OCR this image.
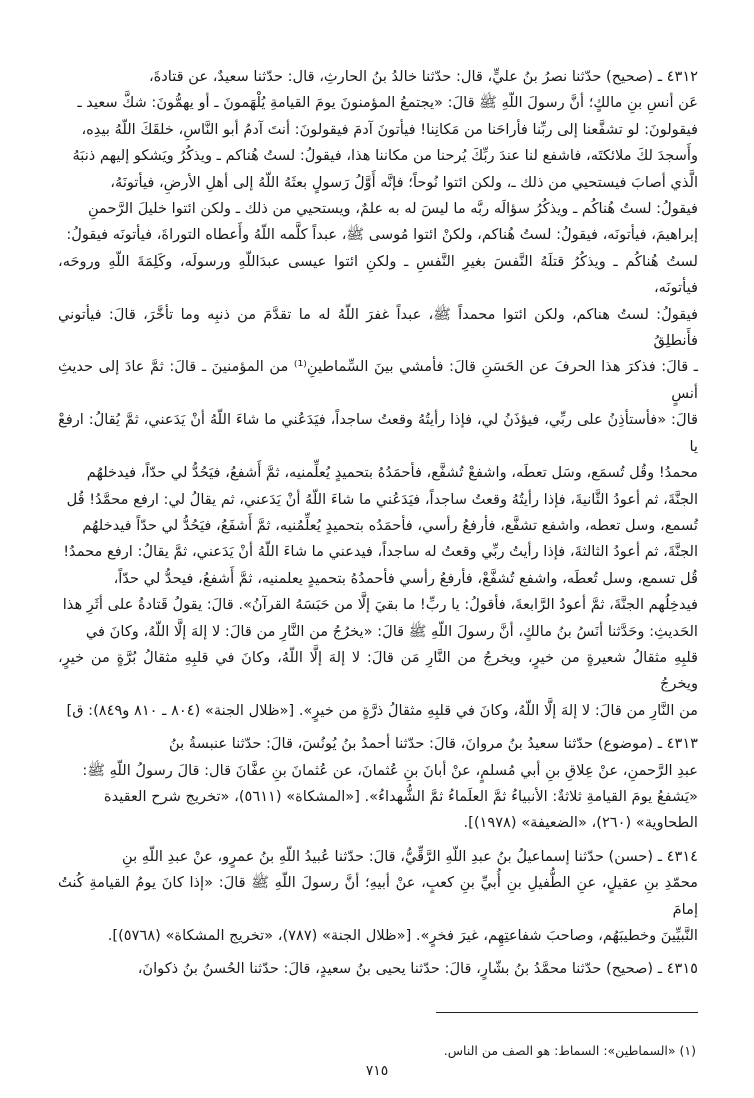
٤٣١٢ ـ (صحيح) حدّثنا نصرُ بنُ عليٍّ، قال: حدّثنا خالدُ بنُ الحارثِ، قال: حدّثنا سعيدٌ، عن قتادةَ،

عَن أنسِ بنِ مالكٍ؛ أنَّ رسولَ اللّهِ ﷺ قالَ: «يجتمعُ المؤمنونَ يومَ القيامةِ يُلْهَمونَ ـ أو يهمُّونَ: شكَّ سعيد ـ

فيقولونَ: لو تشفَّعنا إلى ربِّنا فأراحَنا من مَكانِنا! فيأتونَ آدمَ فيقولونَ: أنتَ آدمُ أبو النَّاسِ، خلقَكَ اللّهُ بيدِه،

وأَسجدَ لكَ ملائكتَه، فاشفع لنا عندَ ربِّكَ يُرحنا من مكاننا هذا، فيقولُ: لستُ هُناكم ـ ويذكُرُ ويَشكو إليهم ذنبَهُ

الَّذي أصابَ فيستحيي من ذلك ـ، ولكن ائتوا نُوحاً؛ فإنَّه أَوَّلُ رَسولٍ بعثَهُ اللّهُ إلى أهلِ الأرضِ، فيأتونَهُ،

فيقولُ: لستُ هُناكُم ـ ويذكُرُ سؤالَه ربَّه ما ليسَ له به علمٌ، ويستحيي من ذلك ـ ولكن ائتوا خليلَ الرَّحمنِ

إبراهيمَ، فيأتونَه، فيقولُ: لستُ هُناكم، ولكنْ ائتوا مُوسى ﷺ، عبداً كلَّمه اللّهُ وأَعطاه التوراةَ، فيأتونَه فيقولُ:

لستُ هُناكُم ـ ويذكُرُ قتلَهُ النَّفسَ بغيرِ النَّفسِ ـ ولكنِ ائتوا عيسى عبدَاللّهِ ورسولَه، وكَلِمَةَ اللّهِ وروحَه، فيأتونَه،

فيقولُ: لستُ هناكم، ولكن ائتوا محمداً ﷺ، عبداً غفرَ اللّهُ له ما تقدَّمَ من ذنبِه وما تأخَّرَ، قالَ: فيأتوني فأَنطلِقُ

ـ قالَ: فذكرَ هذا الحرفَ عن الحَسَنِ قالَ: فأمشي بينَ السِّماطينِ⁽¹⁾ من المؤمنينَ ـ قالَ: ثمَّ عادَ إلى حديثِ أنسٍ

قالَ: «فأستأذِنُ على ربِّي، فيؤذَنُ لي، فإذا رأيتُهُ وقعتُ ساجداً، فيَدَعُني ما شاءَ اللّهُ أنْ يَدَعني، ثمَّ يُقالُ: ارفعْ يا

محمدُ! وقُل تُسمَع، وسَل تعطَه، واشفعْ تُشفَّع، فأحمَدُهُ بتحميدٍ يُعلِّمنيه، ثمَّ أَشفعُ، فيَحُدُّ لي حدّاً، فيدخلهُم

الجنَّةَ، ثم أعودُ الثَّانيةَ، فإذا رأيتُهُ وقعتُ ساجداً، فيَدَعُني ما شاءَ اللّهُ أنْ يَدَعني، ثم يقالُ لي: ارفع محمَّدُ! قُل

تُسمع، وسل تعطه، واشفع تشفَّع، فأرفعُ رأسي، فأحمَدُه بتحميدٍ يُعلِّمُنيه، ثمَّ أَشفَعُ، فيَحُدُّ لي حدّاً فيدخلهُم

الجنَّةَ، ثم أعودُ الثالثةَ، فإذا رأيتُ ربِّي وقعتُ له ساجداً، فيدعني ما شاءَ اللّهُ أنْ يَدَعني، ثمَّ يقالُ: ارفع محمدُ!

قُل تسمع، وسل تُعطَه، واشفع تُشفَّعْ، فأرفعُ رأسي فأحمدُهُ بتحميدٍ يعلمنيه، ثمَّ أَشفعُ، فيحدُّ لي حدّاً،

فيدخِلُهم الجنَّةَ، ثمَّ أعودُ الرَّابعةَ، فأقولُ: يا ربِّ! ما بقيَ إلَّا من حَبَسَهُ القرآنُ». قالَ: يقولُ قَتادةُ على أثَرِ هذا

الحَديثِ: وحَدَّثنا أنَسُ بنُ مالكٍ، أنَّ رسولَ اللّهِ ﷺ قالَ: «يخرُجُ من النَّارِ من قالَ: لا إلهَ إلَّا اللّهُ، وكانَ في

قلبِهِ مثقالُ شعيرةٍ من خيرٍ، ويخرجُ من النَّارِ مَن قالَ: لا إلهَ إلَّا اللّهُ، وكانَ في قلبِهِ مثقالُ بُرَّةٍ من خيرٍ، ويخرجُ

من النَّارِ من قالَ: لا إلهَ إلَّا اللّهُ، وكانَ في قلبِهِ مثقالُ ذرَّةٍ من خيرٍ». [«ظلال الجنة» (٨٠٤ ـ ٨١٠ و٨٤٩): ق]

٤٣١٣ ـ (موضوع) حدّثنا سعيدُ بنُ مروانَ، قالَ: حدّثنا أحمدُ بنُ يُونُسَ، قالَ: حدّثنا عنبسةُ بنُ

عبدِ الرَّحمنِ، عنْ عِلاقِ بنِ أبي مُسلمٍ، عنْ أبانَ بنِ عُثمانَ، عن عُثمانَ بنِ عفَّانَ قال: قالَ رسولُ اللّهِ ﷺ:

«يَشفعُ يومَ القيامةِ ثلاثةٌ: الأنبياءُ ثمَّ العلَماءُ ثمَّ الشُّهداءُ». [«المشكاة» (٥٦١١)، «تخريج شرح العقيدة

الطحاوية» (٢٦٠)، «الضعيفة» (١٩٧٨)].

٤٣١٤ ـ (حسن) حدّثنا إسماعيلُ بنُ عبدِ اللّهِ الرَّقِّيُّ، قالَ: حدّثنا عُبيدُ اللّهِ بنُ عمرٍو، عنْ عبدِ اللّهِ بنِ

محمّدِ بنِ عقيلٍ، عنِ الطُّفيلِ بنِ أُبيِّ بنِ كعبٍ، عنْ أبيهِ؛ أنَّ رسولَ اللّهِ ﷺ قالَ: «إذا كانَ يومُ القيامةِ كُنتُ إمامَ

النَّبيِّينَ وخطيبَهُم، وصاحبَ شفاعتِهِم، غيرَ فخرٍ». [«ظلال الجنة» (٧٨٧)، «تخريج المشكاة» (٥٧٦٨)].

٤٣١٥ ـ (صحيح) حدّثنا محمَّدُ بنُ بشّارٍ، قالَ: حدّثنا يحيى بنُ سعيدٍ، قالَ: حدّثنا الحُسنُ بنُ ذكوانَ،

(١) «السماطين»: السماط: هو الصف من الناس.

٧١٥
